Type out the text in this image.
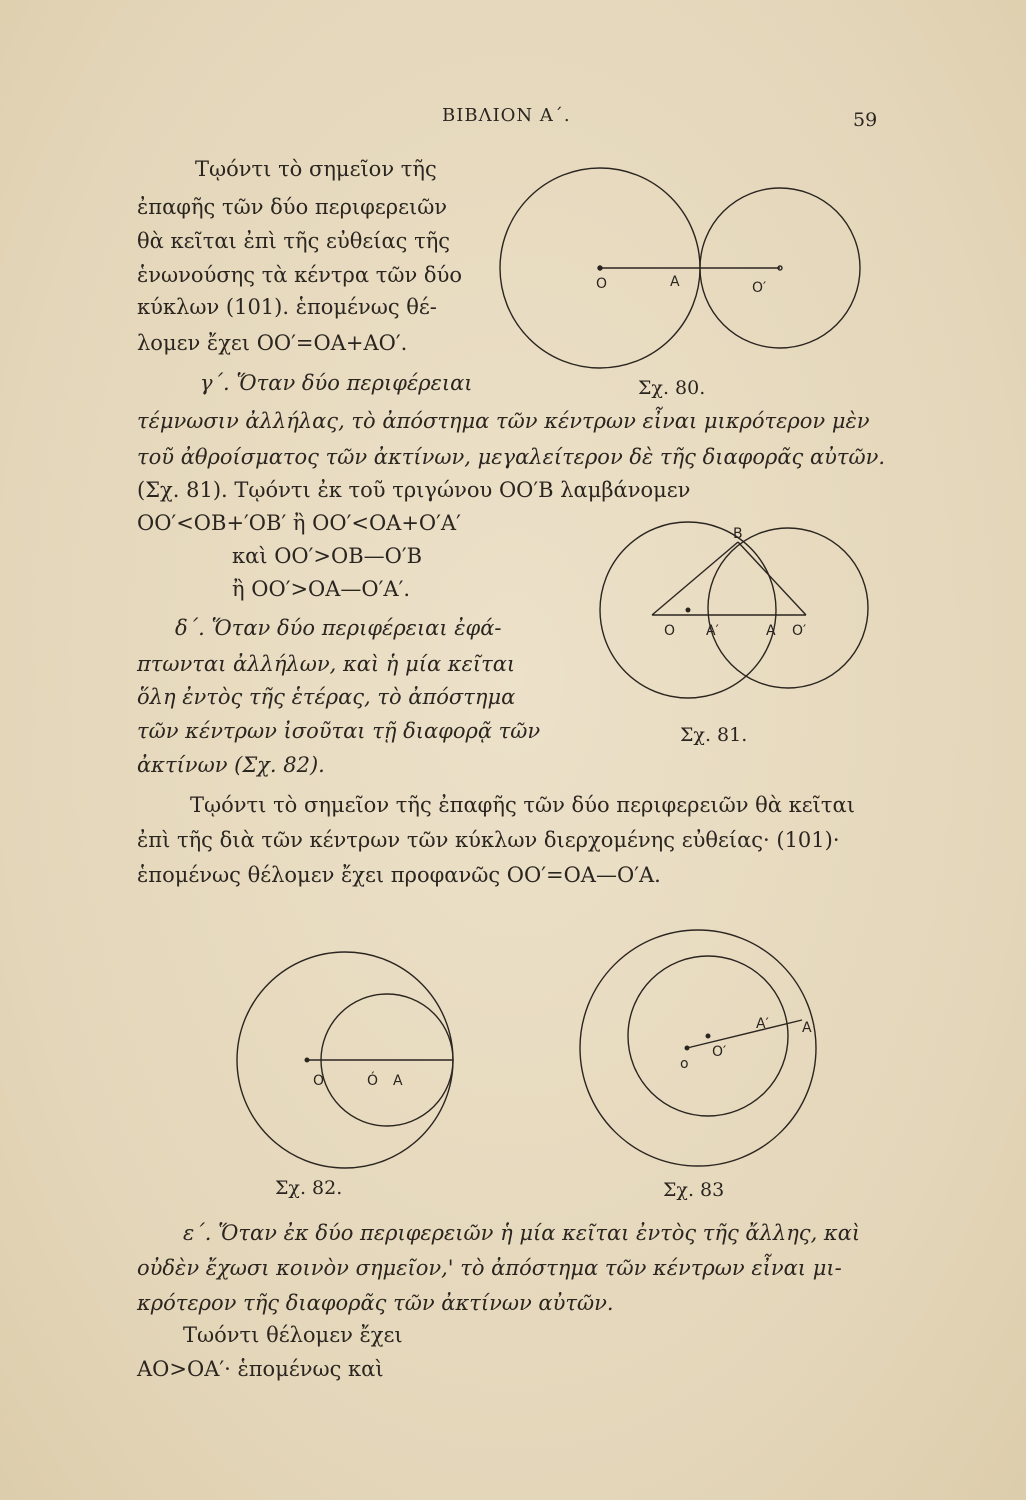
ΒΙΒΛΙΟΝ Α΄.	59
Τῳόντι τὸ σημεῖον τῆς
ἐπαφῆς τῶν δύο περιφερειῶν
θὰ κεῖται ἐπὶ τῆς εὐθείας τῆς
ἑνωνούσης τὰ κέντρα τῶν δύο
κύκλων (101). ἑπομένως θέ-
λομεν ἔχει ΟΟ′=ΟΑ+ΑΟ′.
γ΄. Ὅταν δύο περιφέρειαι
τέμνωσιν ἀλλήλας, τὸ ἀπόστημα τῶν κέντρων εἶναι μικρότερον μὲν
τοῦ ἀθροίσματος τῶν ἀκτίνων, μεγαλείτερον δὲ τῆς διαφορᾶς αὐτῶν.
(Σχ. 81). Τῳόντι ἐκ τοῦ τριγώνου ΟΟ′Β λαμβάνομεν
ΟΟ′<ΟΒ+′ΟΒ′ ἢ ΟΟ′<ΟΑ+Ο′Α′
καὶ ΟΟ′>ΟΒ—Ο′Β
ἢ ΟΟ′>ΟΑ—Ο′Α′.
δ΄. Ὅταν δύο περιφέρειαι ἐφά-
πτωνται ἀλλήλων, καὶ ἡ μία κεῖται
ὅλη ἐντὸς τῆς ἑτέρας, τὸ ἀπόστημα
τῶν κέντρων ἰσοῦται τῇ διαφορᾷ τῶν
ἀκτίνων (Σχ. 82).
Τῳόντι τὸ σημεῖον τῆς ἐπαφῆς τῶν δύο περιφερειῶν θὰ κεῖται
ἐπὶ τῆς διὰ τῶν κέντρων τῶν κύκλων διερχομένης εὐθείας· (101)·
ἑπομένως θέλομεν ἔχει προφανῶς ΟΟ′=ΟΑ—Ο′Α.
ε΄. Ὅταν ἐκ δύο περιφερειῶν ἡ μία κεῖται ἐντὸς τῆς ἄλλης, καὶ
οὐδὲν ἔχωσι κοινὸν σημεῖον,' τὸ ἀπόστημα τῶν κέντρων εἶναι μι-
κρότερον τῆς διαφορᾶς τῶν ἀκτίνων αὐτῶν.
Τωόντι θέλομεν ἔχει
ΑΟ>ΟΑ′· ἑπομένως καὶ
O	A	O′
Σχ. 80.
B
O A′	A O′
Σχ. 81.
O	Ó A
Σχ. 82.
o
O′
A′ A
Σχ. 83
